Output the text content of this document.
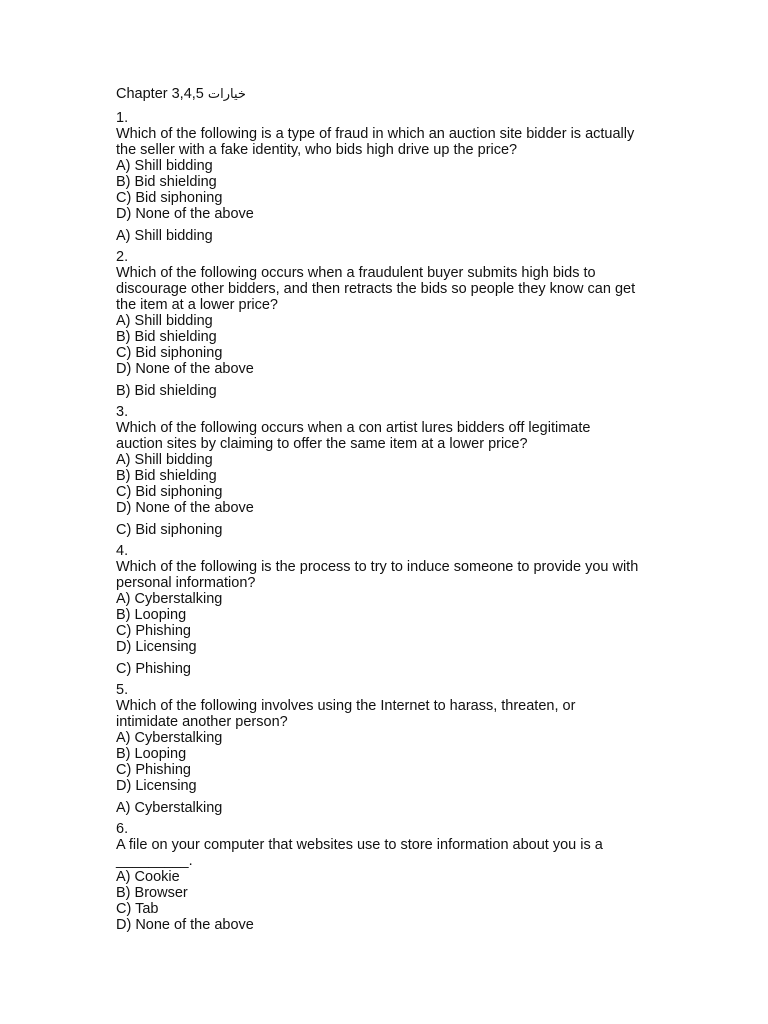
Chapter 3,4,5 خيارات
1.
Which of the following is a type of fraud in which an auction site bidder is actually
the seller with a fake identity, who bids high drive up the price?
A) Shill bidding
B) Bid shielding
C) Bid siphoning
D) None of the above
A) Shill bidding
2.
Which of the following occurs when a fraudulent buyer submits high bids to
discourage other bidders, and then retracts the bids so people they know can get
the item at a lower price?
A) Shill bidding
B) Bid shielding
C) Bid siphoning
D) None of the above
B) Bid shielding
3.
Which of the following occurs when a con artist lures bidders off legitimate
auction sites by claiming to offer the same item at a lower price?
A) Shill bidding
B) Bid shielding
C) Bid siphoning
D) None of the above
C) Bid siphoning
4.
Which of the following is the process to try to induce someone to provide you with
personal information?
A) Cyberstalking
B) Looping
C) Phishing
D) Licensing
C) Phishing
5.
Which of the following involves using the Internet to harass, threaten, or
intimidate another person?
A) Cyberstalking
B) Looping
C) Phishing
D) Licensing
A) Cyberstalking
6.
A file on your computer that websites use to store information about you is a
_________.
A) Cookie
B) Browser
C) Tab
D) None of the above
